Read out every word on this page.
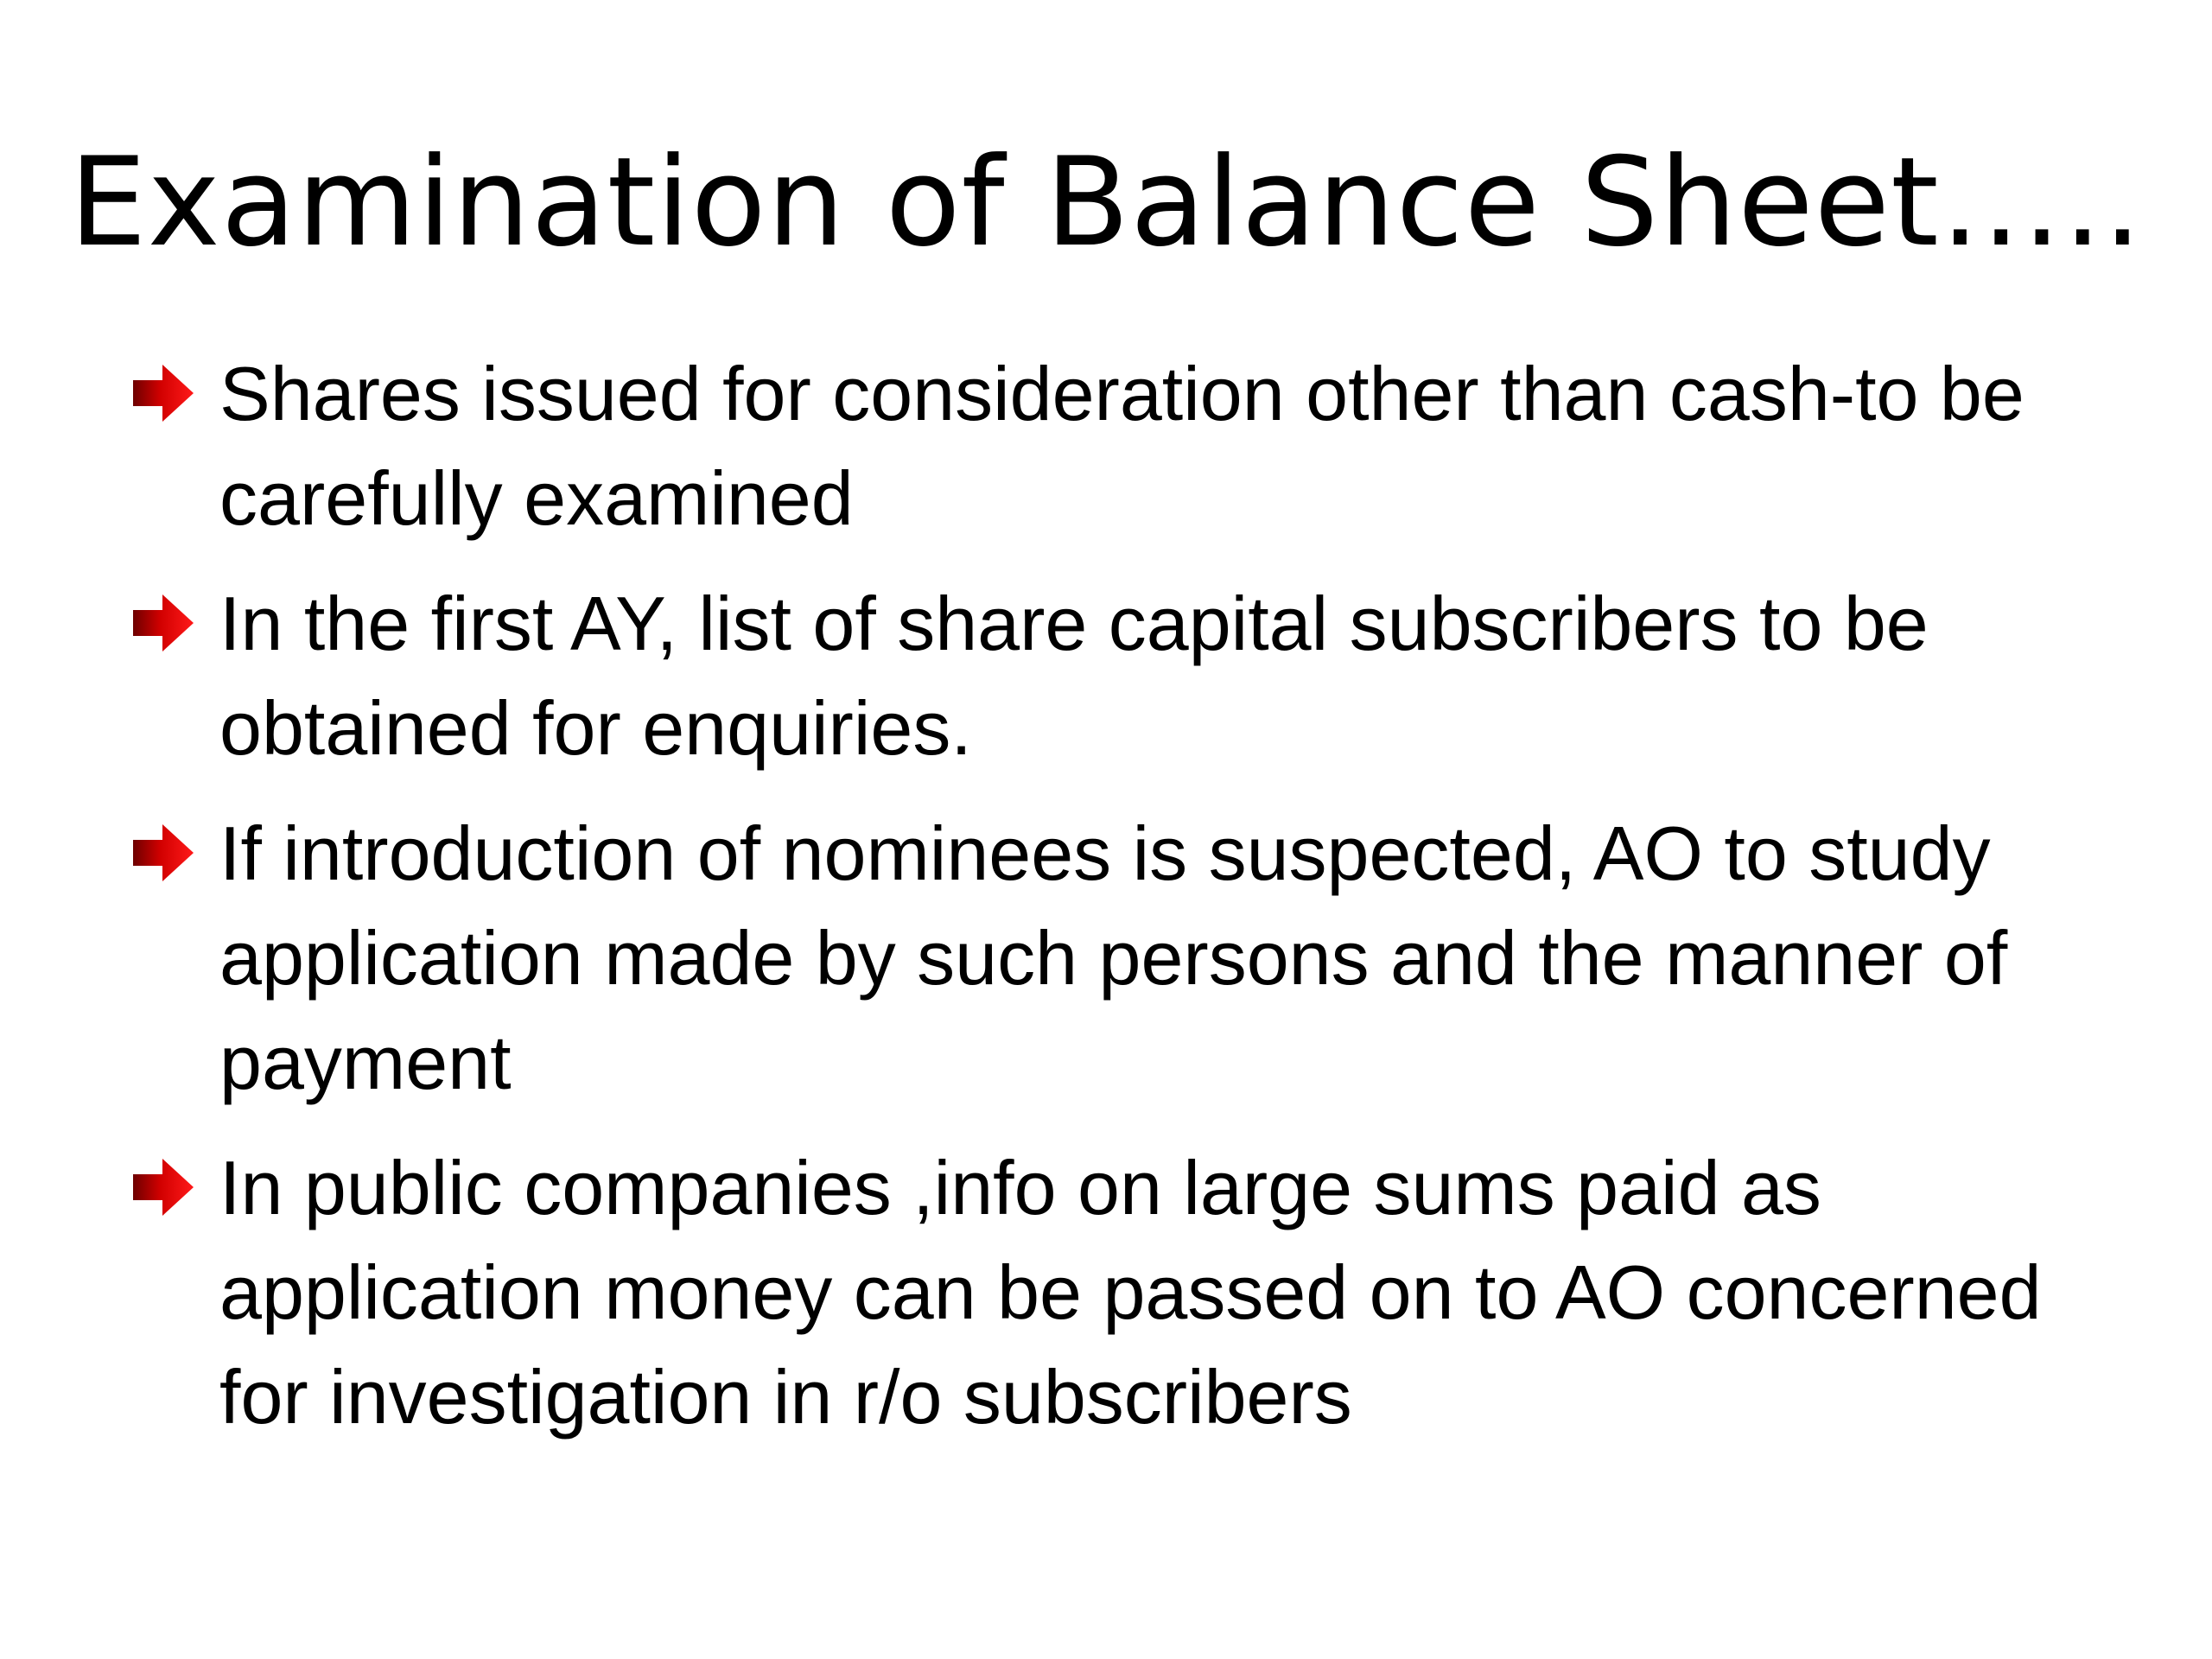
Examination of Balance Sheet…..
Shares issued for consideration other than cash-to be carefully examined
In the first AY, list of share capital subscribers to be obtained for enquiries.
If introduction of nominees is suspected, AO to study application made by such persons and the manner of payment
In public companies ,info on large sums paid as application money can be passed on to AO concerned for investigation in r/o subscribers
